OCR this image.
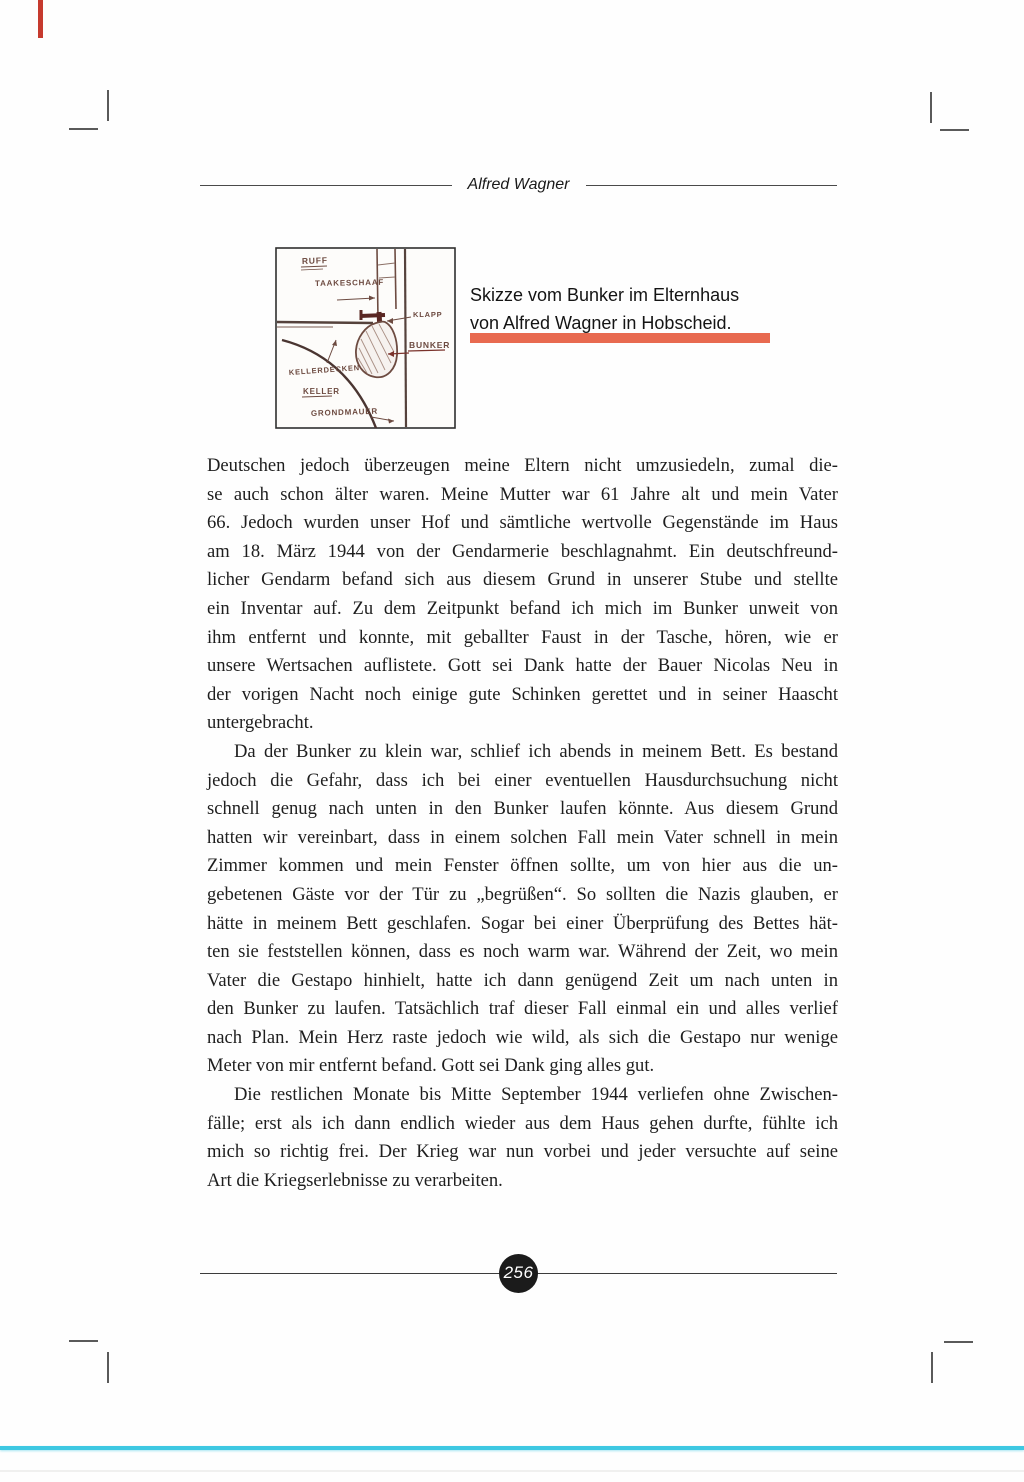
Alfred Wagner
RUFF
TAAKESCHAAF
KLAPP
BUNKER
KELLERDECKEN
KELLER
GRONDMAUER
Skizze vom Bunker im Elternhaus
von Alfred Wagner in Hobscheid.
Deutschen jedoch überzeugen meine Eltern nicht umzusiedeln, zumal die-
se auch schon älter waren. Meine Mutter war 61 Jahre alt und mein Vater
66. Jedoch wurden unser Hof und sämtliche wertvolle Gegenstände im Haus
am 18. März 1944 von der Gendarmerie beschlagnahmt. Ein deutschfreund-
licher Gendarm befand sich aus diesem Grund in unserer Stube und stellte
ein Inventar auf. Zu dem Zeitpunkt befand ich mich im Bunker unweit von
ihm entfernt und konnte, mit geballter Faust in der Tasche, hören, wie er
unsere Wertsachen auflistete. Gott sei Dank hatte der Bauer Nicolas Neu in
der vorigen Nacht noch einige gute Schinken gerettet und in seiner Haascht
untergebracht.
Da der Bunker zu klein war, schlief ich abends in meinem Bett. Es bestand
jedoch die Gefahr, dass ich bei einer eventuellen Hausdurchsuchung nicht
schnell genug nach unten in den Bunker laufen könnte. Aus diesem Grund
hatten wir vereinbart, dass in einem solchen Fall mein Vater schnell in mein
Zimmer kommen und mein Fenster öffnen sollte, um von hier aus die un-
gebetenen Gäste vor der Tür zu „begrüßen“. So sollten die Nazis glauben, er
hätte in meinem Bett geschlafen. Sogar bei einer Überprüfung des Bettes hät-
ten sie feststellen können, dass es noch warm war. Während der Zeit, wo mein
Vater die Gestapo hinhielt, hatte ich dann genügend Zeit um nach unten in
den Bunker zu laufen. Tatsächlich traf dieser Fall einmal ein und alles verlief
nach Plan. Mein Herz raste jedoch wie wild, als sich die Gestapo nur wenige
Meter von mir entfernt befand. Gott sei Dank ging alles gut.
Die restlichen Monate bis Mitte September 1944 verliefen ohne Zwischen-
fälle; erst als ich dann endlich wieder aus dem Haus gehen durfte, fühlte ich
mich so richtig frei. Der Krieg war nun vorbei und jeder versuchte auf seine
Art die Kriegserlebnisse zu verarbeiten.
256
